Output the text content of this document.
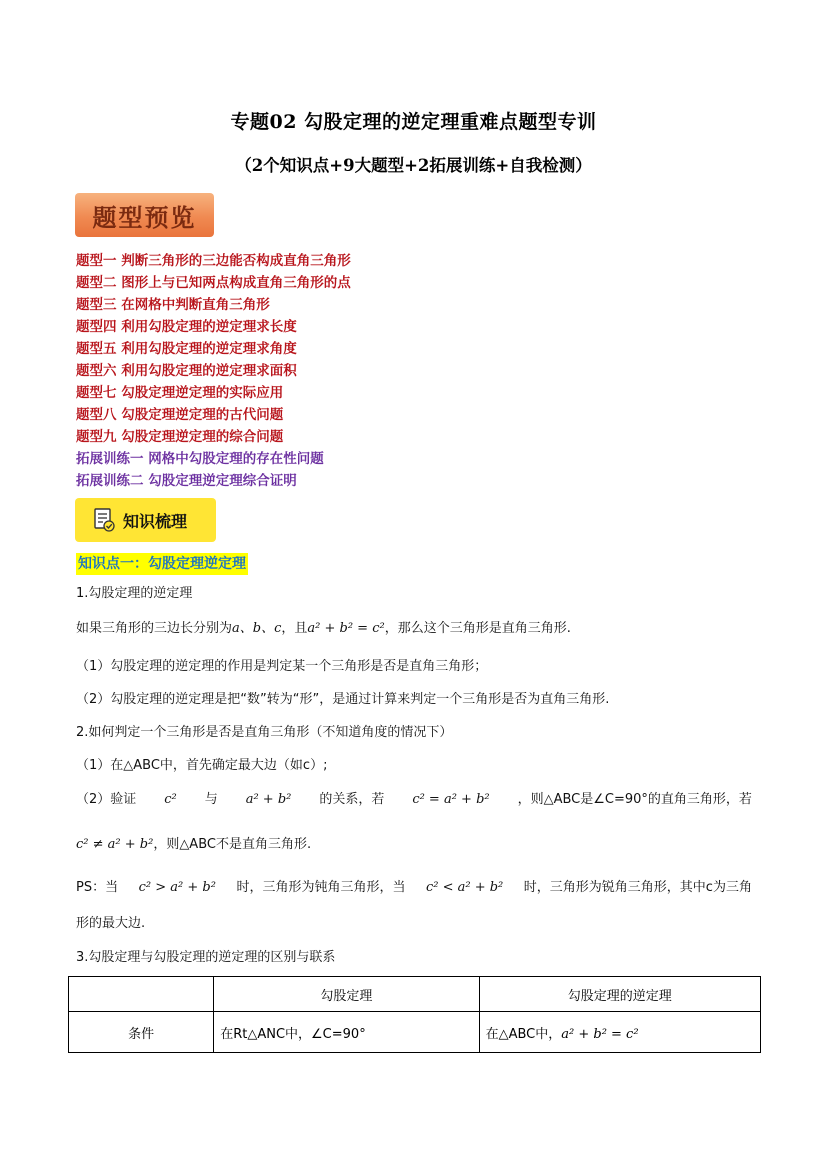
专题02 勾股定理的逆定理重难点题型专训
（2个知识点+9大题型+2拓展训练+自我检测）
题型预览
题型一 判断三角形的三边能否构成直角三角形
题型二 图形上与已知两点构成直角三角形的点
题型三 在网格中判断直角三角形
题型四 利用勾股定理的逆定理求长度
题型五 利用勾股定理的逆定理求角度
题型六 利用勾股定理的逆定理求面积
题型七 勾股定理逆定理的实际应用
题型八 勾股定理逆定理的古代问题
题型九 勾股定理逆定理的综合问题
拓展训练一 网格中勾股定理的存在性问题
拓展训练二 勾股定理逆定理综合证明
知识梳理
知识点一：勾股定理逆定理
1.勾股定理的逆定理
如果三角形的三边长分别为a、b、c，且a² + b² = c²，那么这个三角形是直角三角形.
（1）勾股定理的逆定理的作用是判定某一个三角形是否是直角三角形；
（2）勾股定理的逆定理是把“数”转为“形”，是通过计算来判定一个三角形是否为直角三角形.
2.如何判定一个三角形是否是直角三角形（不知道角度的情况下）
（1）在△ABC中，首先确定最大边（如c）;
（2）验证 c² 与 a² + b² 的关系，若 c² = a² + b² ，则△ABC是∠C=90°的直角三角形，若
c² ≠ a² + b²，则△ABC不是直角三角形.
PS：当 c² > a² + b² 时，三角形为钝角三角形，当 c² < a² + b² 时，三角形为锐角三角形，其中c为三角
形的最大边.
3.勾股定理与勾股定理的逆定理的区别与联系
	勾股定理	勾股定理的逆定理
条件	在Rt△ANC中，∠C=90°	在△ABC中，a² + b² = c²
